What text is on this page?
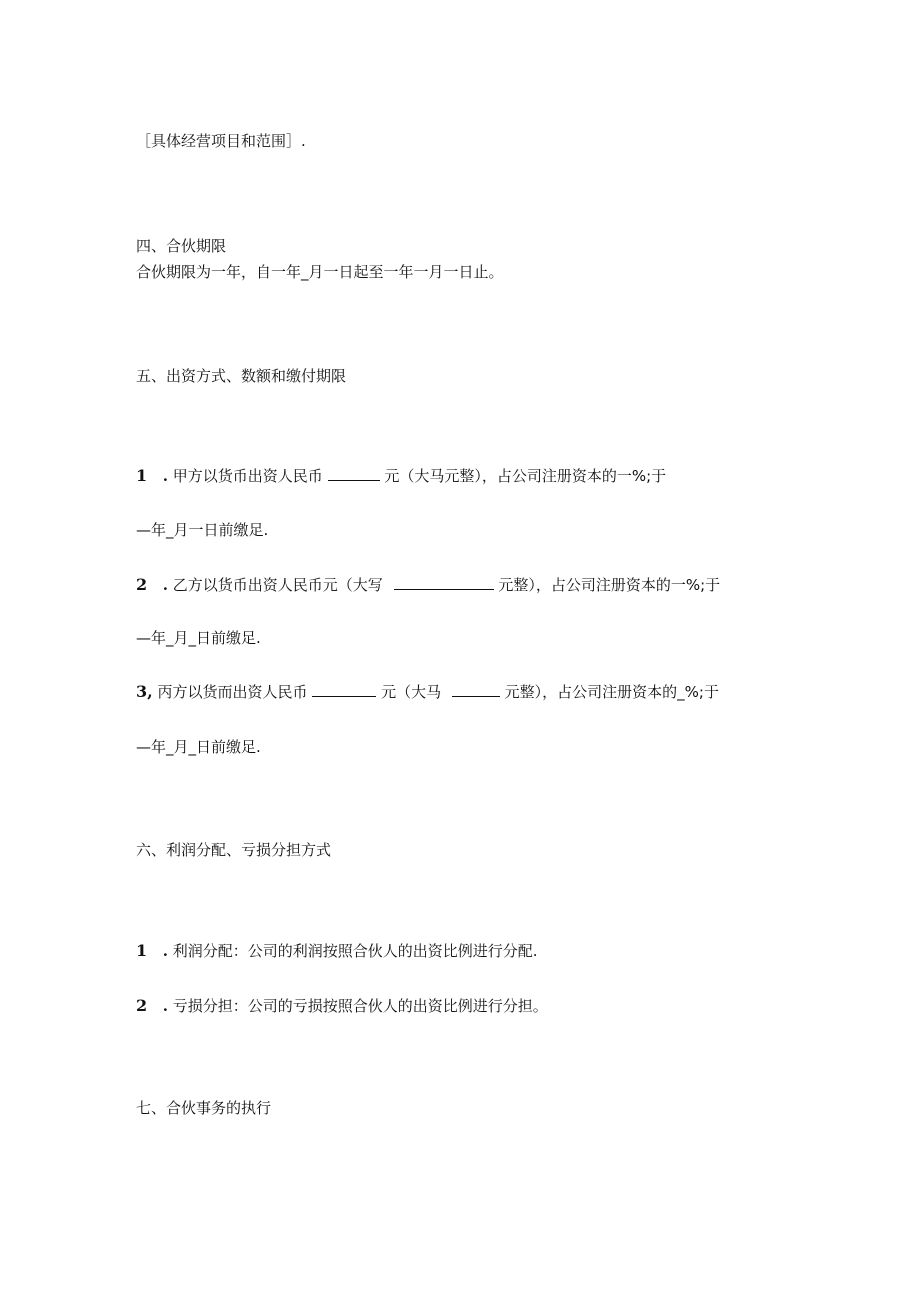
［具体经营项目和范围］.
四、合伙期限
合伙期限为一年，自一年_月一日起至一年一月一日止。
五、出资方式、数额和缴付期限
1 . 甲方以货币出资人民币	元（大马元整），占公司注册资本的一%;于
—年_月一日前缴足.
2 . 乙方以货币出资人民币元（大写	元整），占公司注册资本的一%;于
—年_月_日前缴足.
3, 丙方以货而出资人民币	元（大马	元整），占公司注册资本的_%;于
—年_月_日前缴足.
六、利润分配、亏损分担方式
1 . 利润分配：公司的利润按照合伙人的出资比例进行分配.
2 . 亏损分担：公司的亏损按照合伙人的出资比例进行分担。
七、合伙事务的执行
